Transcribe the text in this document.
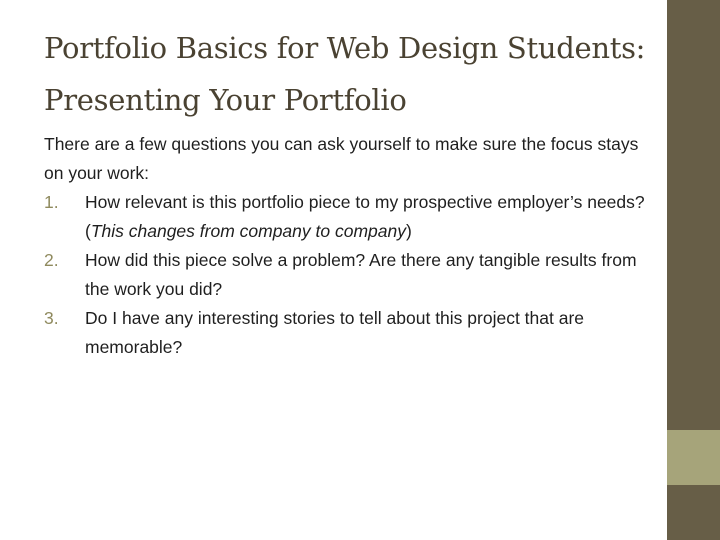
Portfolio Basics for Web Design Students: Presenting Your Portfolio

There are a few questions you can ask yourself to make sure the focus stays on your work:

1.	How relevant is this portfolio piece to my prospective employer’s needs? (This changes from company to company)
2.	How did this piece solve a problem? Are there any tangible results from the work you did?
3.	Do I have any interesting stories to tell about this project that are memorable?
